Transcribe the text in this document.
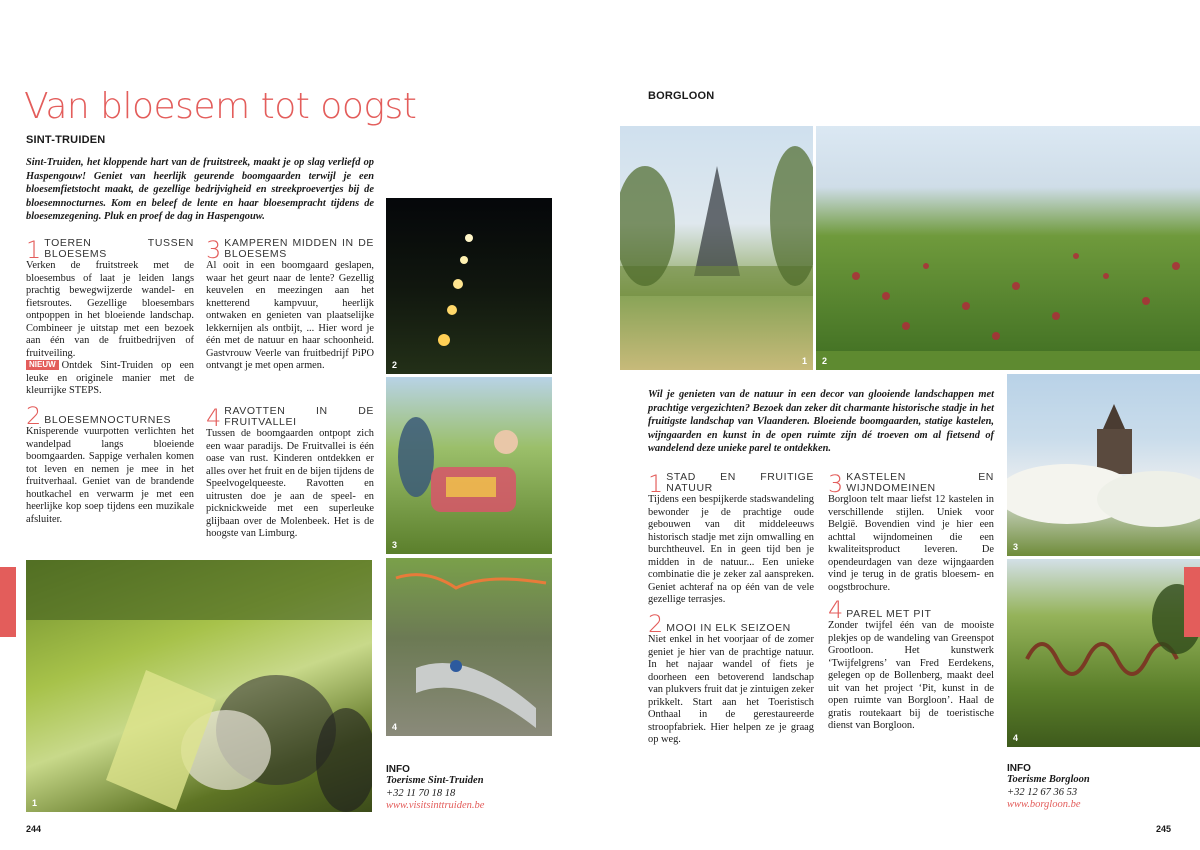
Van bloesem tot oogst
SINT-TRUIDEN
Sint-Truiden, het kloppende hart van de fruitstreek, maakt je op slag verliefd op Haspengouw! Geniet van heerlijk geurende boomgaarden terwijl je een bloesemfietstocht maakt, de gezellige bedrijvigheid en streekproevertjes bij de bloesemnocturnes. Kom en beleef de lente en haar bloesempracht tijdens de bloesemzegening. Pluk en proef de dag in Haspengouw.
1 TOEREN TUSSEN BLOESEMS

Verken de fruitstreek met de bloesembus of laat je leiden langs prachtig bewegwijzerde wandel- en fietsroutes. Gezellige bloesembars ontpoppen in het bloeiende landschap. Combineer je uitstap met een bezoek aan één van de fruitbedrijven of fruitveiling.

NIEUW Ontdek Sint-Truiden op een leuke en originele manier met de kleurrijke STEPS.

2 BLOESEMNOCTURNES

Knisperende vuurpotten verlichten het wandelpad langs bloeiende boomgaarden. Sappige verhalen komen tot leven en nemen je mee in het fruitverhaal. Geniet van de brandende houtkachel en verwarm je met een heerlijke kop soep tijdens een muzikale afsluiter.

3 KAMPEREN MIDDEN IN DE BLOESEMS

Al ooit in een boomgaard geslapen, waar het geurt naar de lente? Gezellig keuvelen en meezingen aan het knetterend kampvuur, heerlijk ontwaken en genieten van plaatselijke lekkernijen als ontbijt, ... Hier word je één met de natuur en haar schoonheid. Gastvrouw Veerle van fruitbedrijf PiPO ontvangt je met open armen.

4 RAVOTTEN IN DE FRUITVALLEI

Tussen de boomgaarden ontpopt zich een waar paradijs. De Fruitvallei is één oase van rust. Kinderen ontdekken er alles over het fruit en de bijen tijdens de Speelvogelqueeste. Ravotten en uitrusten doe je aan de speel- en picknickweide met een superleuke glijbaan over de Molenbeek. Het is de hoogste van Limburg.

1
2
3
4
INFO
Toerisme Sint-Truiden
+32 11 70 18 18
www.visitsinttruiden.be
244
BORGLOON
1 2
Wil je genieten van de natuur in een decor van glooiende landschappen met prachtige vergezichten? Bezoek dan zeker dit charmante historische stadje in het fruitigste landschap van Vlaanderen. Bloeiende boomgaarden, statige kastelen, wijngaarden en kunst in de open ruimte zijn dé troeven om al fietsend of wandelend deze unieke parel te ontdekken.
1 STAD EN FRUITIGE NATUUR

Tijdens een bespijkerde stadswandeling bewonder je de prachtige oude gebouwen van dit middeleeuws historisch stadje met zijn omwalling en burchtheuvel. En in geen tijd ben je midden in de natuur... Een unieke combinatie die je zeker zal aanspreken. Geniet achteraf na op één van de vele gezellige terrasjes.

2 MOOI IN ELK SEIZOEN

Niet enkel in het voorjaar of de zomer geniet je hier van de prachtige natuur. In het najaar wandel of fiets je doorheen een betoverend landschap van plukvers fruit dat je zintuigen zeker prikkelt. Start aan het Toeristisch Onthaal in de gerestaureerde stroopfabriek. Hier helpen ze je graag op weg.

3 KASTELEN EN WIJNDOMEINEN

Borgloon telt maar liefst 12 kastelen in verschillende stijlen. Uniek voor België. Bovendien vind je hier een achttal wijndomeinen die een kwaliteitsproduct leveren. De opendeurdagen van deze wijngaarden vind je terug in de gratis bloesem- en oogstbrochure.

4 PAREL MET PIT

Zonder twijfel één van de mooiste plekjes op de wandeling van Greenspot Grootloon. Het kunstwerk ‘Twijfelgrens’ van Fred Eerdekens, gelegen op de Bollenberg, maakt deel uit van het project ‘Pit, kunst in de open ruimte van Borgloon’. Haal de gratis routekaart bij de toeristische dienst van Borgloon.

3
4
INFO
Toerisme Borgloon
+32 12 67 36 53
www.borgloon.be
245
